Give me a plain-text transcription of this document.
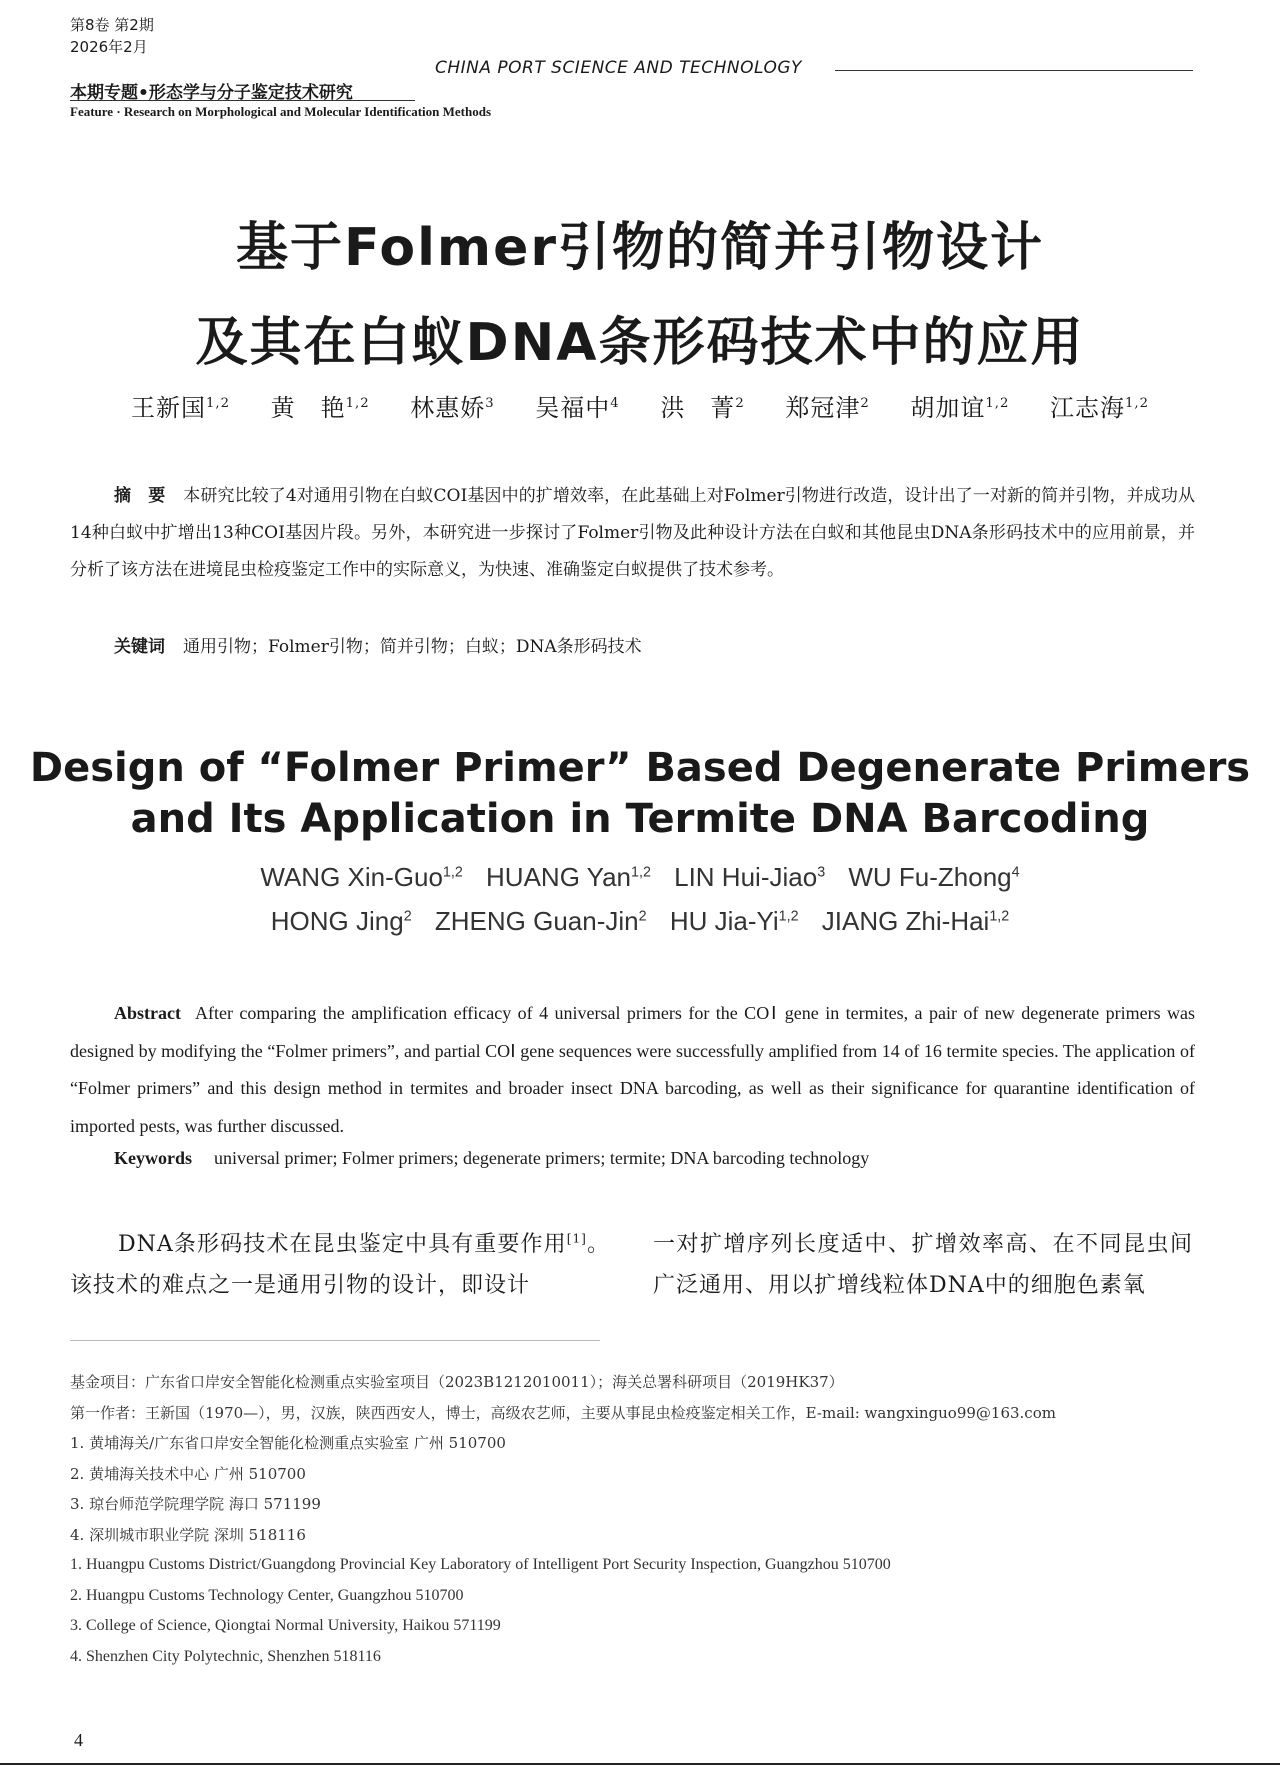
第8卷 第2期
2026年2月
CHINA PORT SCIENCE AND TECHNOLOGY
本期专题•形态学与分子鉴定技术研究
Feature · Research on Morphological and Molecular Identification Methods
基于Folmer引物的简并引物设计
及其在白蚁DNA条形码技术中的应用
王新国$^{1,2}$ 黄　艳$^{1,2}$ 林惠娇$^3$ 吴福中$^4$ 洪　菁$^2$ 郑冠津$^2$ 胡加谊$^{1,2}$ 江志海$^{1,2}$
摘　要 本研究比较了4对通用引物在白蚁COⅠ基因中的扩增效率，在此基础上对Folmer引物进行改造，设计出了一对新的简并引物，并成功从14种白蚁中扩增出13种COⅠ基因片段。另外，本研究进一步探讨了Folmer引物及此种设计方法在白蚁和其他昆虫DNA条形码技术中的应用前景，并分析了该方法在进境昆虫检疫鉴定工作中的实际意义，为快速、准确鉴定白蚁提供了技术参考。
关键词 通用引物；Folmer引物；简并引物；白蚁；DNA条形码技术
Design of “Folmer Primer” Based Degenerate Primers
and Its Application in Termite DNA Barcoding
WANG Xin-Guo$^{1,2}$ HUANG Yan$^{1,2}$ LIN Hui-Jiao$^3$ WU Fu-Zhong$^4$
HONG Jing$^2$ ZHENG Guan-Jin$^2$ HU Jia-Yi$^{1,2}$ JIANG Zhi-Hai$^{1,2}$
Abstract After comparing the amplification efficacy of 4 universal primers for the COⅠ gene in termites, a pair of new degenerate primers was designed by modifying the “Folmer primers”, and partial COⅠ gene sequences were successfully amplified from 14 of 16 termite species. The application of “Folmer primers” and this design method in termites and broader insect DNA barcoding, as well as their significance for quarantine identification of imported pests, was further discussed.
Keywords universal primer; Folmer primers; degenerate primers; termite; DNA barcoding technology
DNA条形码技术在昆虫鉴定中具有重要作用[1]。该技术的难点之一是通用引物的设计，即设计
一对扩增序列长度适中、扩增效率高、在不同昆虫间广泛通用、用以扩增线粒体DNA中的细胞色素氧

基金项目：广东省口岸安全智能化检测重点实验室项目（2023B1212010011）；海关总署科研项目（2019HK37）

第一作者：王新国（1970—），男，汉族，陕西西安人，博士，高级农艺师，主要从事昆虫检疫鉴定相关工作，E-mail: wangxinguo99@163.com

1. 黄埔海关/广东省口岸安全智能化检测重点实验室 广州 510700

2. 黄埔海关技术中心 广州 510700

3. 琼台师范学院理学院 海口 571199

4. 深圳城市职业学院 深圳 518116

1. Huangpu Customs District/Guangdong Provincial Key Laboratory of Intelligent Port Security Inspection, Guangzhou 510700

2. Huangpu Customs Technology Center, Guangzhou 510700

3. College of Science, Qiongtai Normal University, Haikou 571199

4. Shenzhen City Polytechnic, Shenzhen 518116

4
